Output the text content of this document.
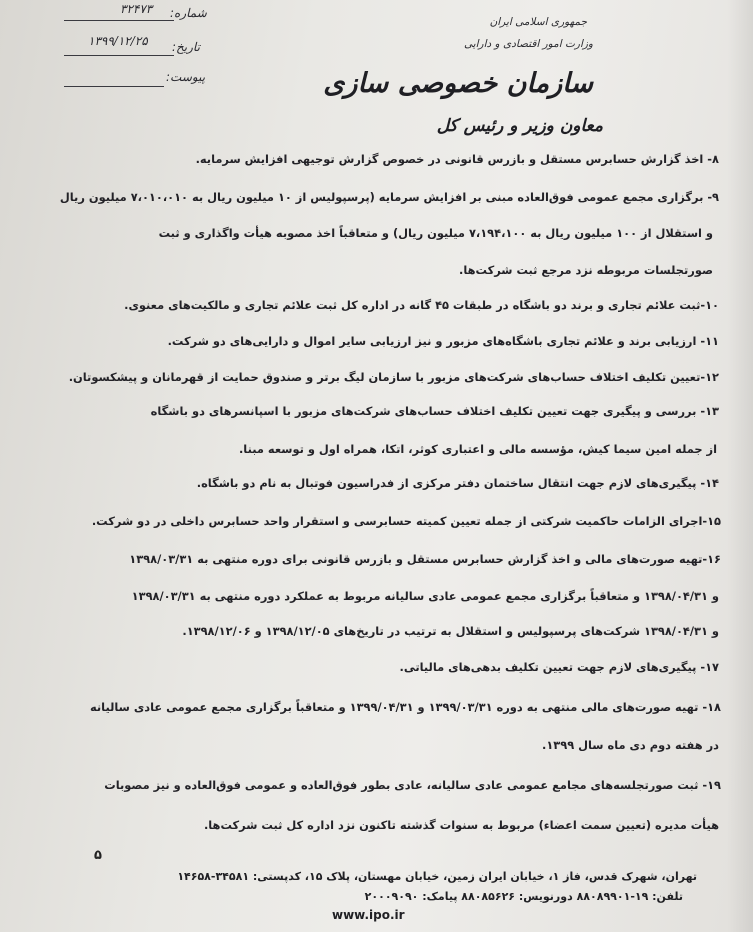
۳۲۴۷۳ شماره:
۱۳۹۹/۱۲/۲۵ تاریخ:
پیوست:
جمهوری اسلامی ایران
وزارت امور اقتصادی و دارایی
سازمان خصوصی سازی
معاون وزیر و رئیس کل
۸- اخذ گزارش حسابرس مستقل و بازرس قانونی در خصوص گزارش توجیهی افزایش سرمایه.
۹- برگزاری مجمع عمومی فوق‌العاده مبنی بر افزایش سرمایه (پرسپولیس از ۱۰ میلیون ریال به ۷،۰۱۰،۰۱۰ میلیون ریال
و استقلال از ۱۰۰ میلیون ریال به ۷،۱۹۴،۱۰۰ میلیون ریال) و متعاقباً اخذ مصوبه هیأت واگذاری و ثبت
صورتجلسات مربوطه نزد مرجع ثبت شرکت‌ها.
۱۰-ثبت علائم تجاری و برند دو باشگاه در طبقات ۴۵ گانه در اداره کل ثبت علائم تجاری و مالکیت‌های معنوی.
۱۱- ارزیابی برند و علائم تجاری باشگاه‌های مزبور و نیز ارزیابی سایر اموال و دارایی‌های دو شرکت.
۱۲-تعیین تکلیف اختلاف حساب‌های شرکت‌های مزبور با سازمان لیگ برتر و صندوق حمایت از قهرمانان و پیشکسوتان.
۱۳- بررسی و پیگیری جهت تعیین تکلیف اختلاف حساب‌های شرکت‌های مزبور با اسپانسرهای دو باشگاه
از جمله امین سیما کیش، مؤسسه مالی و اعتباری کوثر، اتکا، همراه اول و توسعه مبنا.
۱۴- پیگیری‌های لازم جهت انتقال ساختمان دفتر مرکزی از فدراسیون فوتبال به نام دو باشگاه.
۱۵-اجرای الزامات حاکمیت شرکتی از جمله تعیین کمیته حسابرسی و استقرار واحد حسابرس داخلی در دو شرکت.
۱۶-تهیه صورت‌های مالی و اخذ گزارش حسابرس مستقل و بازرس قانونی برای دوره منتهی به ۱۳۹۸/۰۳/۳۱
و ۱۳۹۸/۰۴/۳۱ و متعاقباً برگزاری مجمع عمومی عادی سالیانه مربوط به عملکرد دوره منتهی به ۱۳۹۸/۰۳/۳۱
و ۱۳۹۸/۰۴/۳۱ شرکت‌های پرسپولیس و استقلال به ترتیب در تاریخ‌های ۱۳۹۸/۱۲/۰۵ و ۱۳۹۸/۱۲/۰۶.
۱۷- پیگیری‌های لازم جهت تعیین تکلیف بدهی‌های مالیاتی.
۱۸- تهیه صورت‌های مالی منتهی به دوره ۱۳۹۹/۰۳/۳۱ و ۱۳۹۹/۰۴/۳۱ و متعاقباً برگزاری مجمع عمومی عادی سالیانه
در هفته دوم دی ماه سال ۱۳۹۹.
۱۹- ثبت صورتجلسه‌های مجامع عمومی عادی سالیانه، عادی بطور فوق‌العاده و عمومی فوق‌العاده و نیز مصوبات
هیأت مدیره (تعیین سمت اعضاء) مربوط به سنوات گذشته تاکنون نزد اداره کل ثبت شرکت‌ها.
۵
تهران، شهرک قدس، فاز ۱، خیابان ایران زمین، خیابان مهستان، پلاک ۱۵، کدپستی: ۳۴۵۸۱-۱۴۶۵۸
تلفن: ۱۹-۸۸۰۸۹۹۰۱ دورنویس: ۸۸۰۸۵۶۲۶ پیامک: ۲۰۰۰۹۰۹۰
www.ipo.ir
